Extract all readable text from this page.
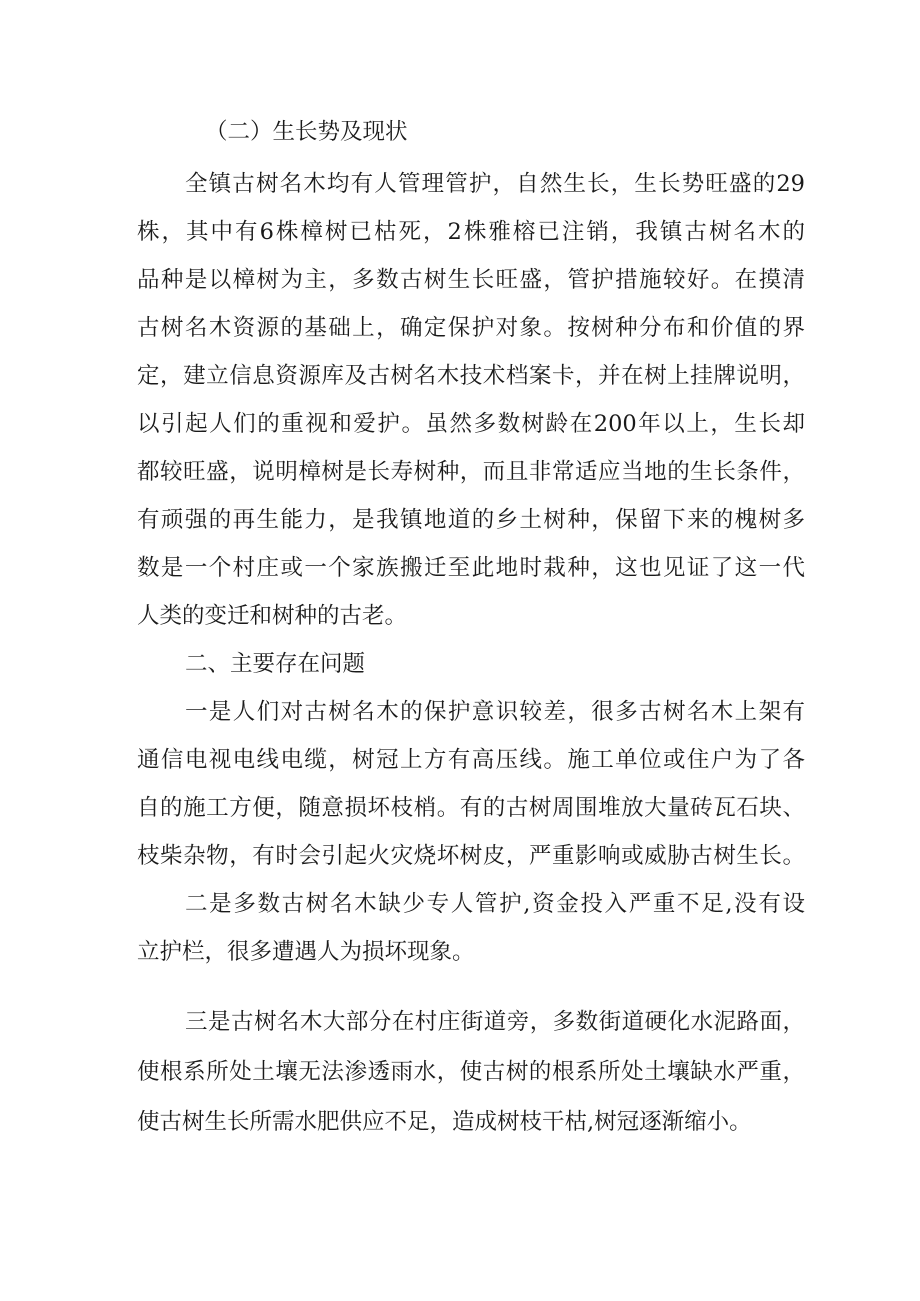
（二）生长势及现状
全镇古树名木均有人管理管护，自然生长，生长势旺盛的29
株，其中有6株樟树已枯死，2株雅榕已注销，我镇古树名木的
品种是以樟树为主，多数古树生长旺盛，管护措施较好。在摸清
古树名木资源的基础上，确定保护对象。按树种分布和价值的界
定，建立信息资源库及古树名木技术档案卡，并在树上挂牌说明，
以引起人们的重视和爱护。虽然多数树龄在200年以上，生长却
都较旺盛，说明樟树是长寿树种，而且非常适应当地的生长条件，
有顽强的再生能力，是我镇地道的乡土树种，保留下来的槐树多
数是一个村庄或一个家族搬迁至此地时栽种，这也见证了这一代
人类的变迁和树种的古老。
二、主要存在问题
一是人们对古树名木的保护意识较差，很多古树名木上架有
通信电视电线电缆，树冠上方有高压线。施工单位或住户为了各
自的施工方便，随意损坏枝梢。有的古树周围堆放大量砖瓦石块、
枝柴杂物，有时会引起火灾烧坏树皮，严重影响或威胁古树生长。
二是多数古树名木缺少专人管护,资金投入严重不足,没有设
立护栏，很多遭遇人为损坏现象。
三是古树名木大部分在村庄街道旁，多数街道硬化水泥路面，
使根系所处土壤无法渗透雨水，使古树的根系所处土壤缺水严重，
使古树生长所需水肥供应不足，造成树枝干枯,树冠逐渐缩小。
